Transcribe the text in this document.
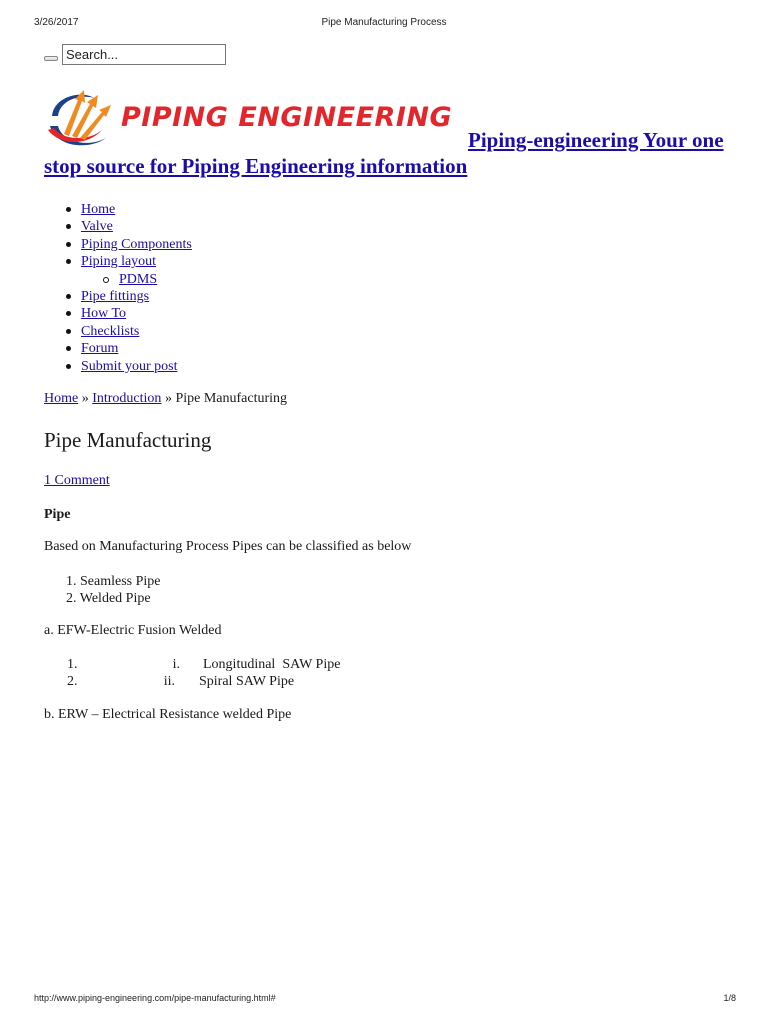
3/26/2017	Pipe Manufacturing Process
Search...
PIPING ENGINEERING
Piping-engineering Your one stop source for Piping Engineering information
Home
Valve
Piping Components
Piping layout
PDMS
Pipe fittings
How To
Checklists
Forum
Submit your post
Home » Introduction » Pipe Manufacturing
Pipe Manufacturing
1 Comment
Pipe
Based on Manufacturing Process Pipes can be classified as below
1. Seamless Pipe
2. Welded Pipe
a. EFW-Electric Fusion Welded
1.	i. Longitudinal  SAW Pipe
2.	ii. Spiral SAW Pipe
b. ERW – Electrical Resistance welded Pipe
http://www.piping-engineering.com/pipe-manufacturing.html#	1/8
